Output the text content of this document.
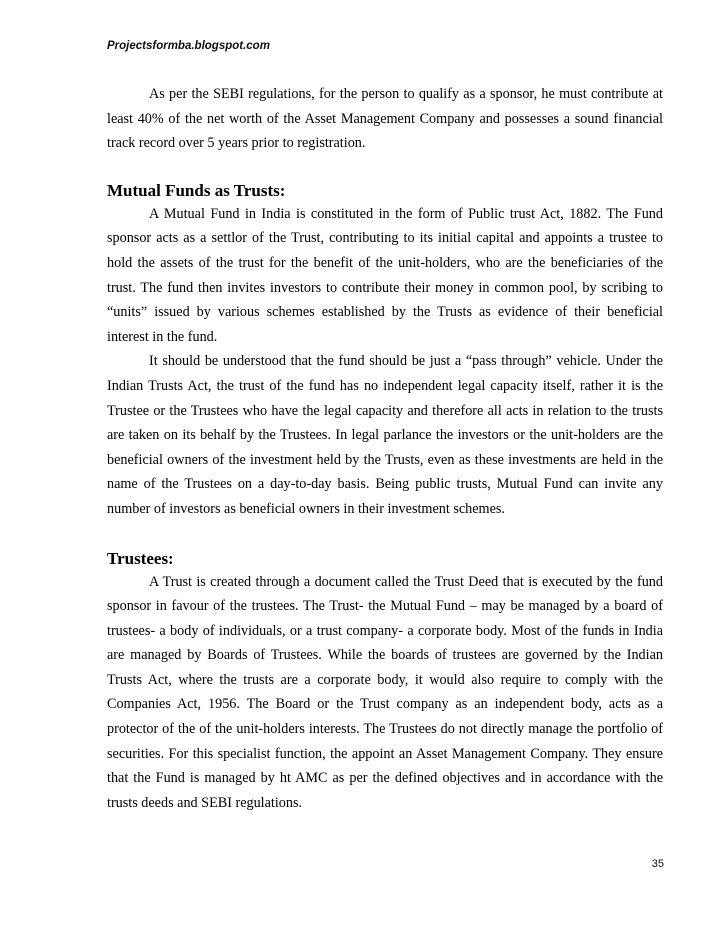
Projectsformba.blogspot.com

As per the SEBI regulations, for the person to qualify as a sponsor, he must contribute at least 40% of the net worth of the Asset Management Company and possesses a sound financial track record over 5 years prior to registration.

Mutual Funds as Trusts:

A Mutual Fund in India is constituted in the form of Public trust Act, 1882. The Fund sponsor acts as a settlor of the Trust, contributing to its initial capital and appoints a trustee to hold the assets of the trust for the benefit of the unit-holders, who are the beneficiaries of the trust. The fund then invites investors to contribute their money in common pool, by scribing to “units” issued by various schemes established by the Trusts as evidence of their beneficial interest in the fund.

It should be understood that the fund should be just a “pass through” vehicle. Under the Indian Trusts Act, the trust of the fund has no independent legal capacity itself, rather it is the Trustee or the Trustees who have the legal capacity and therefore all acts in relation to the trusts are taken on its behalf by the Trustees. In legal parlance the investors or the unit-holders are the beneficial owners of the investment held by the Trusts, even as these investments are held in the name of the Trustees on a day-to-day basis. Being public trusts, Mutual Fund can invite any number of investors as beneficial owners in their investment schemes.

Trustees:

A Trust is created through a document called the Trust Deed that is executed by the fund sponsor in favour of the trustees. The Trust- the Mutual Fund – may be managed by a board of trustees- a body of individuals, or a trust company- a corporate body. Most of the funds in India are managed by Boards of Trustees. While the boards of trustees are governed by the Indian Trusts Act, where the trusts are a corporate body, it would also require to comply with the Companies Act, 1956. The Board or the Trust company as an independent body, acts as a protector of the of the unit-holders interests. The Trustees do not directly manage the portfolio of securities. For this specialist function, the appoint an Asset Management Company. They ensure that the Fund is managed by ht AMC as per the defined objectives and in accordance with the trusts deeds and SEBI regulations.

35
